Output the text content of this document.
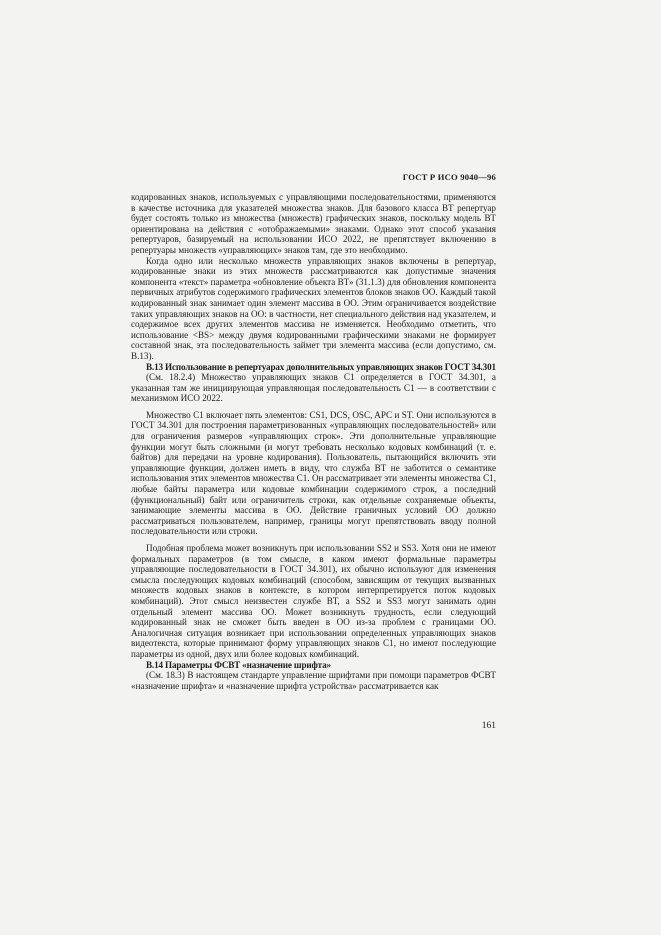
ГОСТ Р ИСО 9040—96

кодированных знаков, используемых с управляющими последовательностями, применяются в качестве источника для указателей множества знаков. Для базового класса ВТ репертуар будет состоять только из множества (множеств) графических знаков, поскольку модель ВТ ориентирована на действия с «отображаемыми» знаками. Однако этот способ указания репертуаров, базируемый на использовании ИСО 2022, не препятствует включению в репертуары множеств «управляющих» знаков там, где это необходимо.

Когда одно или несколько множеств управляющих знаков включены в репертуар, кодированные знаки из этих множеств рассматриваются как допустимые значения компонента «текст» параметра «обновление объекта ВТ» (31.1.3) для обновления компонента первичных атрибутов содержимого графических элементов блоков знаков ОО. Каждый такой кодированный знак занимает один элемент массива в ОО. Этим ограничивается воздействие таких управляющих знаков на ОО: в частности, нет специального действия над указателем, и содержимое всех других элементов массива не изменяется. Необходимо отметить, что использование <BS> между двумя кодированными графическими знаками не формирует составной знак, эта последовательность займет три элемента массива (если допустимо, см. В.13).

В.13 Использование в репертуарах дополнительных управляющих знаков ГОСТ 34.301

(См. 18.2.4) Множество управляющих знаков С1 определяется в ГОСТ 34.301, а указанная там же инициирующая управляющая последовательность С1 — в соответствии с механизмом ИСО 2022.

Множество С1 включает пять элементов: CS1, DCS, OSC, APC и ST. Они используются в ГОСТ 34.301 для построения параметризованных «управляющих последовательностей» или для ограничения размеров «управляющих строк». Эти дополнительные управляющие функции могут быть сложными (и могут требовать несколько кодовых комбинаций (т. е. байтов) для передачи на уровне кодирования). Пользователь, пытающийся включить эти управляющие функции, должен иметь в виду, что служба ВТ не заботится о семантике использования этих элементов множества С1. Он рассматривает эти элементы множества С1, любые байты параметра или кодовые комбинации содержимого строк, а последний (функциональный) байт или ограничитель строки, как отдельные сохраняемые объекты, занимающие элементы массива в ОО. Действие граничных условий ОО должно рассматриваться пользователем, например, границы могут препятствовать вводу полной последовательности или строки.

Подобная проблема может возникнуть при использовании SS2 и SS3. Хотя они не имеют формальных параметров (в том смысле, в каком имеют формальные параметры управляющие последовательности в ГОСТ 34.301), их обычно используют для изменения смысла последующих кодовых комбинаций (способом, зависящим от текущих вызванных множеств кодовых знаков в контексте, в котором интерпретируется поток кодовых комбинаций). Этот смысл неизвестен службе ВТ, а SS2 и SS3 могут занимать один отдельный элемент массива ОО. Может возникнуть трудность, если следующий кодированный знак не сможет быть введен в ОО из-за проблем с границами ОО. Аналогичная ситуация возникает при использовании определенных управляющих знаков видеотекста, которые принимают форму управляющих знаков С1, но имеют последующие параметры из одной, двух или более кодовых комбинаций.

В.14 Параметры ФСВТ «назначение шрифта»

(См. 18.3) В настоящем стандарте управление шрифтами при помощи параметров ФСВТ «назначение шрифта» и «назначение шрифта устройства» рассматривается как

161
